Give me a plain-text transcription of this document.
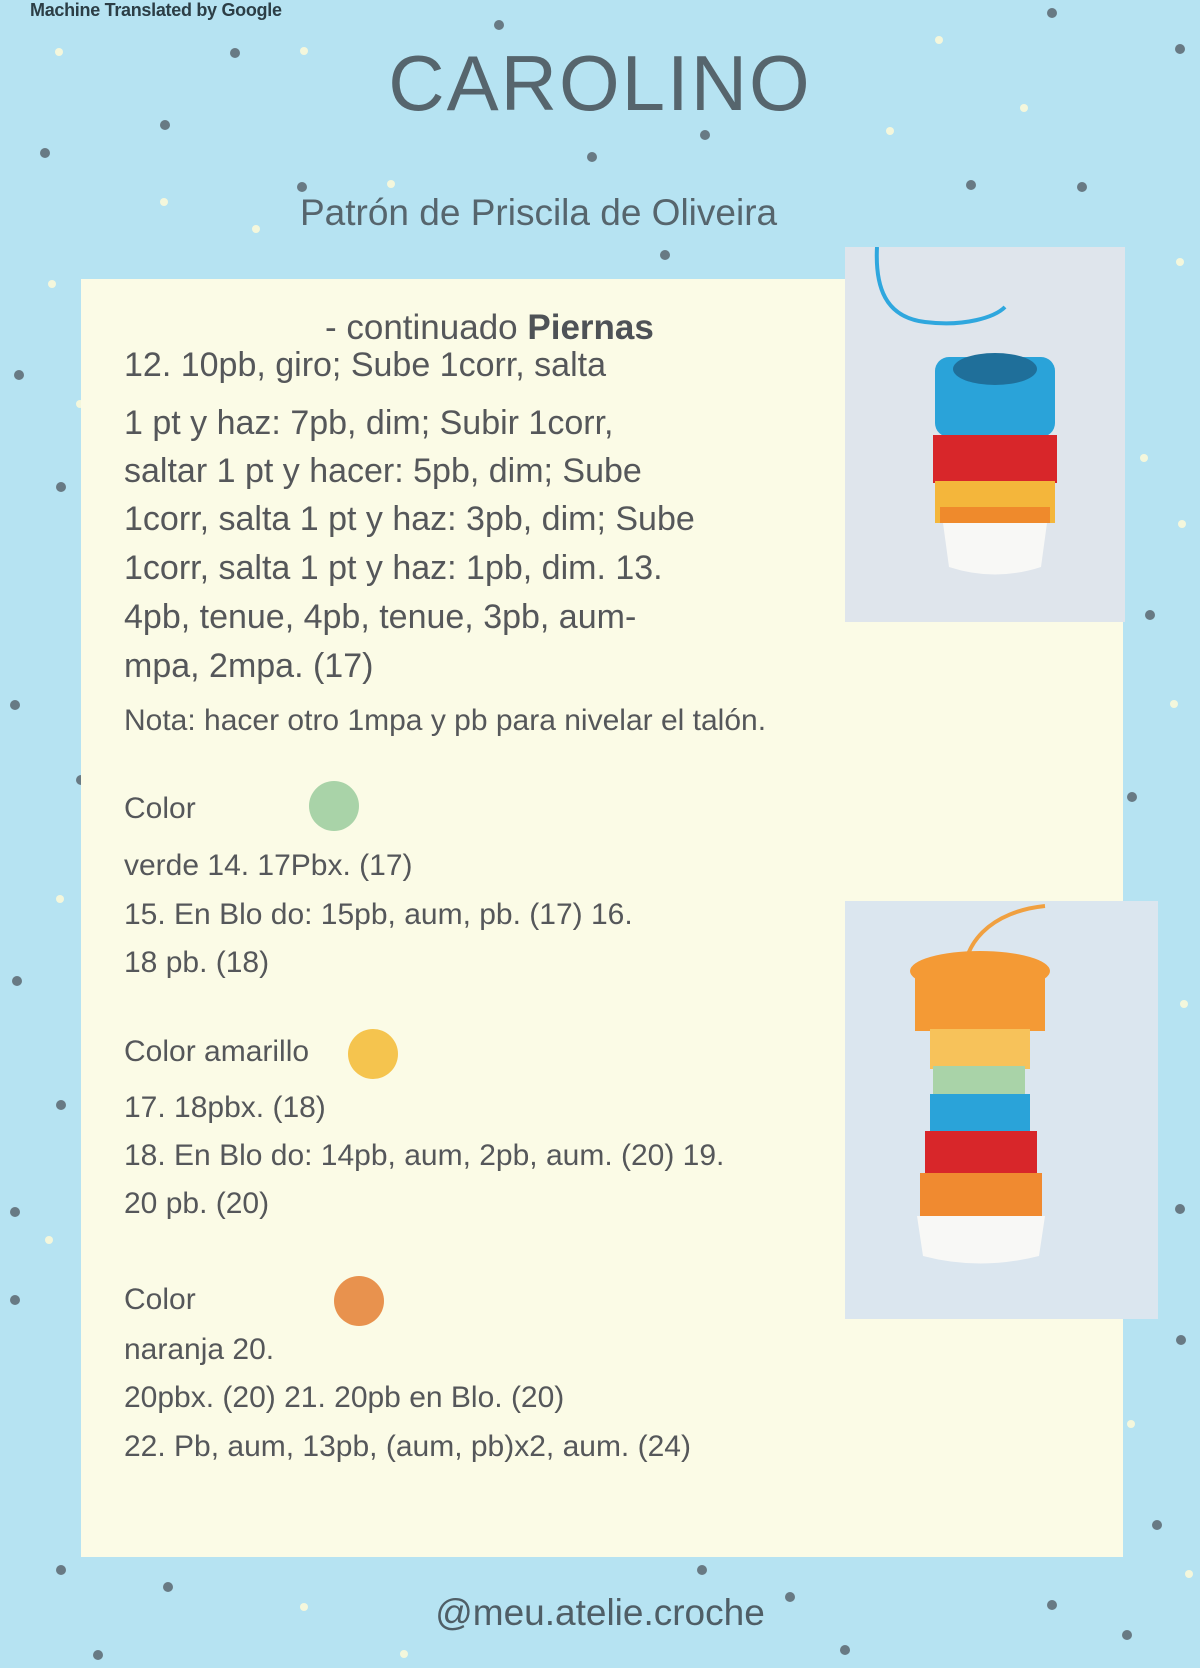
Machine Translated by Google
CAROLINO
Patrón de Priscila de Oliveira
- continuado Piernas
12. 10pb, giro; Sube 1corr, salta
1 pt y haz: 7pb, dim; Subir 1corr,
saltar 1 pt y hacer: 5pb, dim; Sube
1corr, salta 1 pt y haz: 3pb, dim; Sube
1corr, salta 1 pt y haz: 1pb, dim. 13.
4pb, tenue, 4pb, tenue, 3pb, aum-
mpa, 2mpa. (17)
Nota: hacer otro 1mpa y pb para nivelar el talón.
Color
verde 14. 17Pbx. (17)
15. En Blo do: 15pb, aum, pb. (17) 16.
18 pb. (18)
Color amarillo
17. 18pbx. (18)
18. En Blo do: 14pb, aum, 2pb, aum. (20) 19.
20 pb. (20)
Color
naranja 20.
20pbx. (20) 21. 20pb en Blo. (20)
22. Pb, aum, 13pb, (aum, pb)x2, aum. (24)
@meu.atelie.croche
